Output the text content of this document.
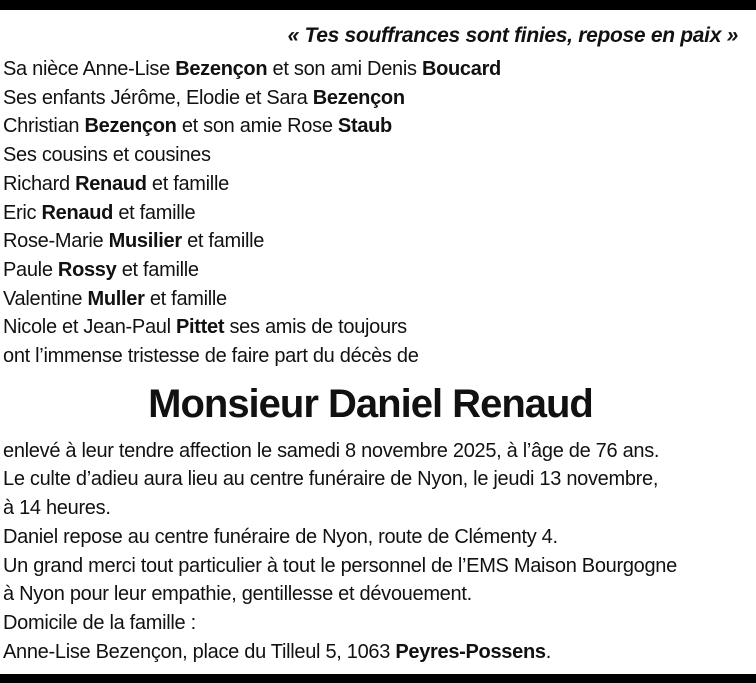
« Tes souffrances sont finies, repose en paix »

Sa nièce Anne-Lise Bezençon et son ami Denis Boucard
Ses enfants Jérôme, Elodie et Sara Bezençon
Christian Bezençon et son amie Rose Staub
Ses cousins et cousines
Richard Renaud et famille
Eric Renaud et famille
Rose-Marie Musilier et famille
Paule Rossy et famille
Valentine Muller et famille
Nicole et Jean-Paul Pittet ses amis de toujours
ont l’immense tristesse de faire part du décès de
Monsieur Daniel Renaud
enlevé à leur tendre affection le samedi 8 novembre 2025, à l’âge de 76 ans.
Le culte d’adieu aura lieu au centre funéraire de Nyon, le jeudi 13 novembre,
à 14 heures.
Daniel repose au centre funéraire de Nyon, route de Clémenty 4.
Un grand merci tout particulier à tout le personnel de l’EMS Maison Bourgogne
à Nyon pour leur empathie, gentillesse et dévouement.
Domicile de la famille :
Anne-Lise Bezençon, place du Tilleul 5, 1063 Peyres-Possens.
